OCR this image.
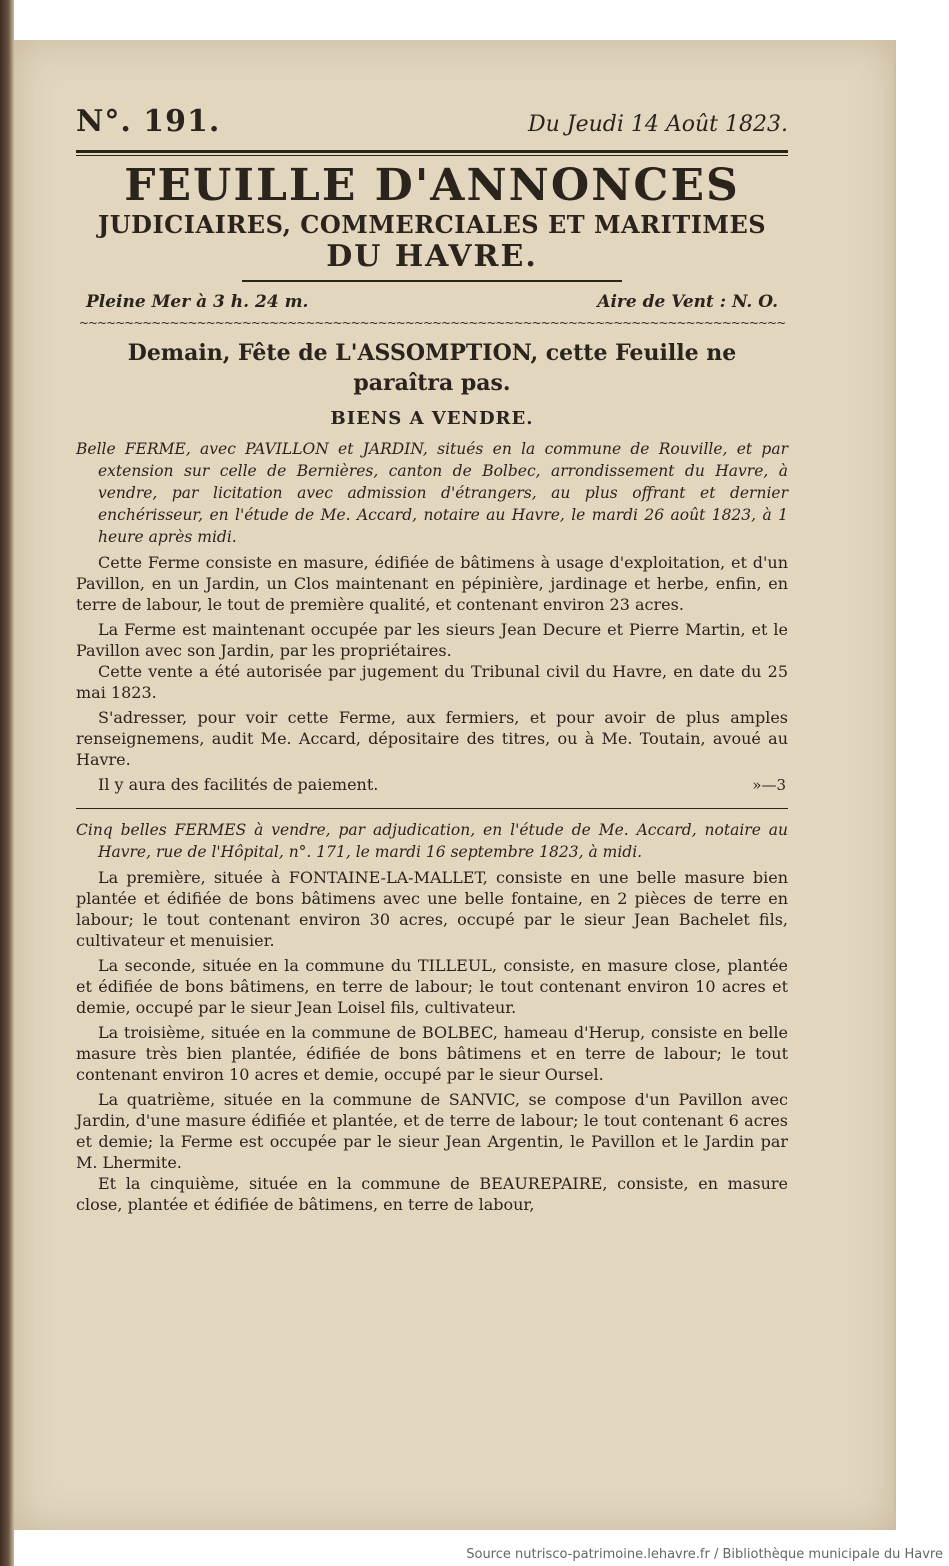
N°. 191.	Du Jeudi 14 Août 1823.
FEUILLE D'ANNONCES
JUDICIAIRES, COMMERCIALES ET MARITIMES
DU HAVRE.
Pleine Mer à 3 h. 24 m.	Aire de Vent : N. O.
~~~~~~~~~~~~~~~~~~~~~~~~~~~~~~~~~~~~~~~~~~~~~~~~~~~~~~~~~~~~~~~~~~~~~~~~~~~~~~
Demain, Fête de L'ASSOMPTION, cette Feuille ne paraîtra pas.
BIENS A VENDRE.

Belle FERME, avec PAVILLON et JARDIN, situés en la commune de Rouville, et par extension sur celle de Bernières, canton de Bolbec, arrondissement du Havre, à vendre, par licitation avec admission d'étrangers, au plus offrant et dernier enchérisseur, en l'étude de Me. Accard, notaire au Havre, le mardi 26 août 1823, à 1 heure après midi.

Cette Ferme consiste en masure, édifiée de bâtimens à usage d'exploitation, et d'un Pavillon, en un Jardin, un Clos maintenant en pépinière, jardinage et herbe, enfin, en terre de labour, le tout de première qualité, et contenant environ 23 acres.

La Ferme est maintenant occupée par les sieurs Jean Decure et Pierre Martin, et le Pavillon avec son Jardin, par les propriétaires.

Cette vente a été autorisée par jugement du Tribunal civil du Havre, en date du 25 mai 1823.

S'adresser, pour voir cette Ferme, aux fermiers, et pour avoir de plus amples renseignemens, audit Me. Accard, dépositaire des titres, ou à Me. Toutain, avoué au Havre.

Il y aura des facilités de paiement.	»—3

Cinq belles FERMES à vendre, par adjudication, en l'étude de Me. Accard, notaire au Havre, rue de l'Hôpital, n°. 171, le mardi 16 septembre 1823, à midi.

La première, située à FONTAINE-LA-MALLET, consiste en une belle masure bien plantée et édifiée de bons bâtimens avec une belle fontaine, en 2 pièces de terre en labour; le tout contenant environ 30 acres, occupé par le sieur Jean Bachelet fils, cultivateur et menuisier.

La seconde, située en la commune du TILLEUL, consiste, en masure close, plantée et édifiée de bons bâtimens, en terre de labour; le tout contenant environ 10 acres et demie, occupé par le sieur Jean Loisel fils, cultivateur.

La troisième, située en la commune de BOLBEC, hameau d'Herup, consiste en belle masure très bien plantée, édifiée de bons bâtimens et en terre de labour; le tout contenant environ 10 acres et demie, occupé par le sieur Oursel.

La quatrième, située en la commune de SANVIC, se compose d'un Pavillon avec Jardin, d'une masure édifiée et plantée, et de terre de labour; le tout contenant 6 acres et demie; la Ferme est occupée par le sieur Jean Argentin, le Pavillon et le Jardin par M. Lhermite.

Et la cinquième, située en la commune de BEAUREPAIRE, consiste, en masure close, plantée et édifiée de bâtimens, en terre de labour,

Source nutrisco-patrimoine.lehavre.fr / Bibliothèque municipale du Havre
